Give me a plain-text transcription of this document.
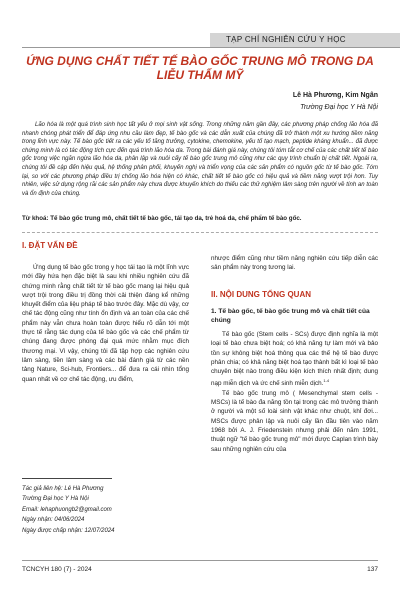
TẠP CHÍ NGHIÊN CỨU Y HỌC
ỨNG DỤNG CHẤT TIẾT TẾ BÀO GỐC TRUNG MÔ TRONG DA LIỄU THẨM MỸ
Lê Hà Phương, Kim Ngân
Trường Đại học Y Hà Nội
Lão hóa là một quá trình sinh học tất yếu ở mọi sinh vật sống. Trong những năm gần đây, các phương pháp chống lão hóa đã nhanh chóng phát triển để đáp ứng nhu cầu làm đẹp, tế bào gốc và các dẫn xuất của chúng đã trở thành một xu hướng tiềm năng trong lĩnh vực này. Tế bào gốc tiết ra các yếu tố tăng trưởng, cytokine, chemokine, yếu tố tạo mạch, peptide kháng khuẩn... đã được chứng minh là có tác động tích cực đến quá trình lão hóa da. Trong bài đánh giá này, chúng tôi tóm tắt cơ chế của các chất tiết tế bào gốc trong việc ngăn ngừa lão hóa da, phân lập và nuôi cấy tế bào gốc trung mô cũng như các quy trình chuẩn bị chất tiết. Ngoài ra, chúng tôi đề cập đến hiệu quả, hệ thống phân phối, khuyến nghị và triển vọng của các sản phẩm có nguồn gốc từ tế bào gốc. Tóm lại, so với các phương pháp điều trị chống lão hóa hiện có khác, chất tiết tế bào gốc có hiệu quả và tiềm năng vượt trội hơn. Tuy nhiên, việc sử dụng rộng rãi các sản phẩm này chưa được khuyến khích do thiếu các thử nghiệm lâm sàng trên người về tính an toàn và ổn định của chúng.
Từ khoá: Tế bào gốc trung mô, chất tiết tế bào gốc, tái tạo da, trẻ hoá da, chế phẩm tế bào gốc.
I. ĐẶT VẤN ĐỀ

Ứng dụng tế bào gốc trong y học tái tạo là một lĩnh vực mới đầy hứa hẹn đặc biệt là sau khi nhiều nghiên cứu đã chứng minh rằng chất tiết từ tế bào gốc mang lại hiệu quả vượt trội trong điều trị đồng thời cải thiện đáng kể những khuyết điểm của liệu pháp tế bào trước đây. Mặc dù vậy, cơ chế tác động cũng như tính ổn định và an toàn của các chế phẩm này vẫn chưa hoàn toàn được hiểu rõ dẫn tới một thực tế rằng tác dụng của tế bào gốc và các chế phẩm từ chúng đang được phóng đại quá mức nhằm mục đích thương mại. Vì vậy, chúng tôi đã tập hợp các nghiên cứu lâm sàng, tiền lâm sàng và các bài đánh giá từ các nền tảng Nature, Sci-hub, Frontiers... để đưa ra cái nhìn tổng quan nhất về cơ chế tác động, ưu điểm,

nhược điểm cũng như tiềm năng nghiên cứu tiếp diễn các sản phẩm này trong tương lai.

II. NỘI DUNG TỔNG QUAN
1. Tế bào gốc, tế bào gốc trung mô và chất tiết của chúng

Tế bào gốc (Stem cells - SCs) được định nghĩa là một loại tế bào chưa biệt hoá; có khả năng tự làm mới và bảo tồn sự không biệt hoá thông qua các thế hệ tế bào được phân chia; có khả năng biệt hoá tạo thành bất kì loại tế bào chuyên biệt nào trong điều kiện kích thích nhất định; dung nạp miễn dịch và ức chế sinh miễn dịch.$^{1-4}$

Tế bào gốc trung mô ( Mesenchymal stem cells - MSCs) là tế bào đa năng tồn tại trong các mô trưởng thành ở người và một số loài sinh vật khác như chuột, khỉ đơi... MSCs được phân lập và nuôi cấy lần đầu tiên vào năm 1968 bởi A. J. Friedenstein nhưng phải đến năm 1991, thuật ngữ "tế bào gốc trung mô" mới được Caplan trình bày sau những nghiên cứu của

Tác giả liên hệ: Lê Hà Phương
Trường Đại học Y Hà Nội
Email: lehaphuongb2@gmail.com
Ngày nhận: 04/06/2024
Ngày được chấp nhận: 12/07/2024
TCNCYH 180 (7) - 2024	137
